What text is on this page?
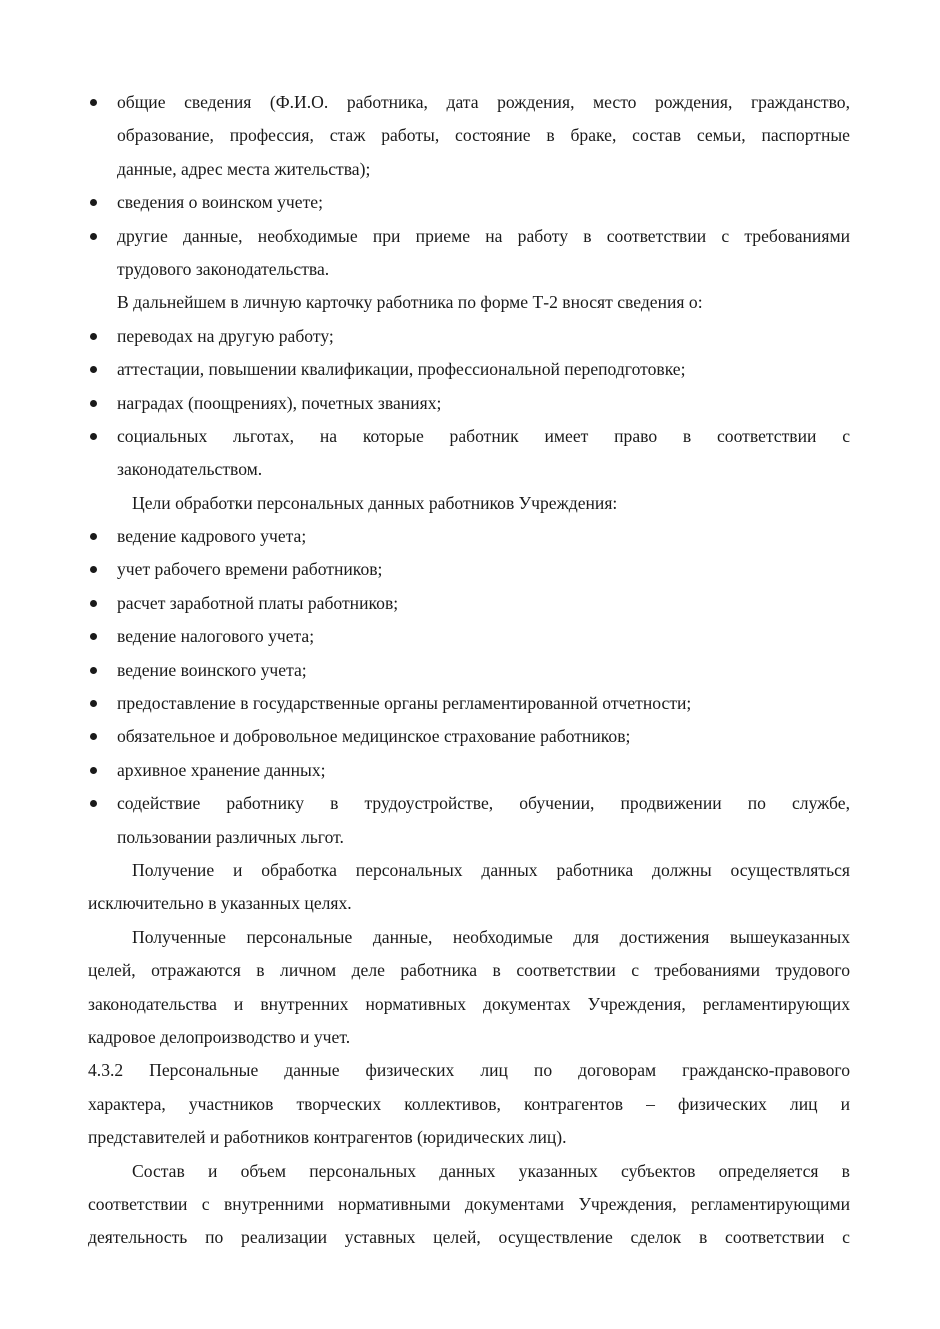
общие сведения (Ф.И.О. работника, дата рождения, место рождения, гражданство,
образование, профессия, стаж работы, состояние в браке, состав семьи, паспортные
данные, адрес места жительства);
сведения о воинском учете;
другие данные, необходимые при приеме на работу в соответствии с требованиями
трудового законодательства.
В дальнейшем в личную карточку работника по форме Т-2 вносят сведения о:
переводах на другую работу;
аттестации, повышении квалификации, профессиональной переподготовке;
наградах (поощрениях), почетных званиях;
социальных льготах, на которые работник имеет право в соответствии с
законодательством.
Цели обработки персональных данных работников Учреждения:
ведение кадрового учета;
учет рабочего времени работников;
расчет заработной платы работников;
ведение налогового учета;
ведение воинского учета;
предоставление в государственные органы регламентированной отчетности;
обязательное и добровольное медицинское страхование работников;
архивное хранение данных;
содействие работнику в трудоустройстве, обучении, продвижении по службе,
пользовании различных льгот.
Получение и обработка персональных данных работника должны осуществляться
исключительно в указанных целях.
Полученные персональные данные, необходимые для достижения вышеуказанных
целей, отражаются в личном деле работника в соответствии с требованиями трудового
законодательства и внутренних нормативных документах Учреждения, регламентирующих
кадровое делопроизводство и учет.
4.3.2 Персональные данные физических лиц по договорам гражданско-правового
характера, участников творческих коллективов, контрагентов – физических лиц и
представителей и работников контрагентов (юридических лиц).
Состав и объем персональных данных указанных субъектов определяется в
соответствии с внутренними нормативными документами Учреждения, регламентирующими
деятельность по реализации уставных целей, осуществление сделок в соответствии с
